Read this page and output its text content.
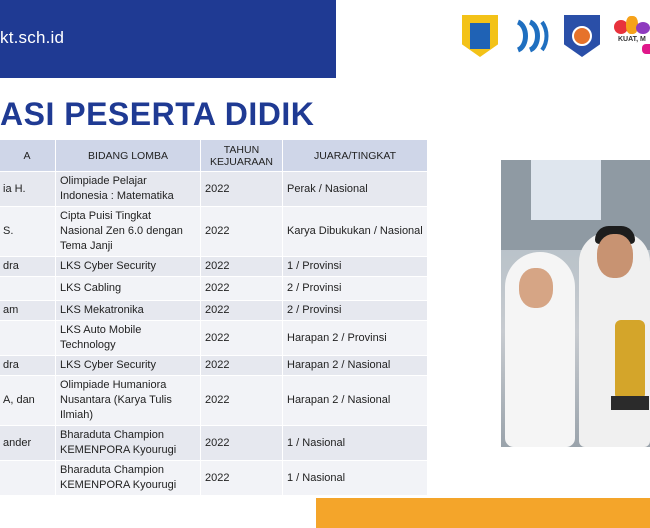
kt.sch.id	KUAT, M
ASI PESERTA DIDIK
A	BIDANG LOMBA	TAHUN KEJUARAAN	JUARA/TINGKAT
ia H.	Olimpiade Pelajar Indonesia : Matematika	2022	Perak / Nasional
S.	Cipta Puisi Tingkat Nasional Zen 6.0 dengan Tema Janji	2022	Karya Dibukukan / Nasional
dra	LKS Cyber Security	2022	1 / Provinsi
	LKS Cabling	2022	2 / Provinsi
am	LKS Mekatronika	2022	2 / Provinsi
	LKS Auto Mobile Technology	2022	Harapan 2 / Provinsi
dra	LKS Cyber Security	2022	Harapan 2 / Nasional
A, dan	Olimpiade Humaniora Nusantara (Karya Tulis Ilmiah)	2022	Harapan 2 / Nasional
ander	Bharaduta Champion KEMENPORA Kyourugi	2022	1 / Nasional
	Bharaduta Champion KEMENPORA Kyourugi	2022	1 / Nasional
